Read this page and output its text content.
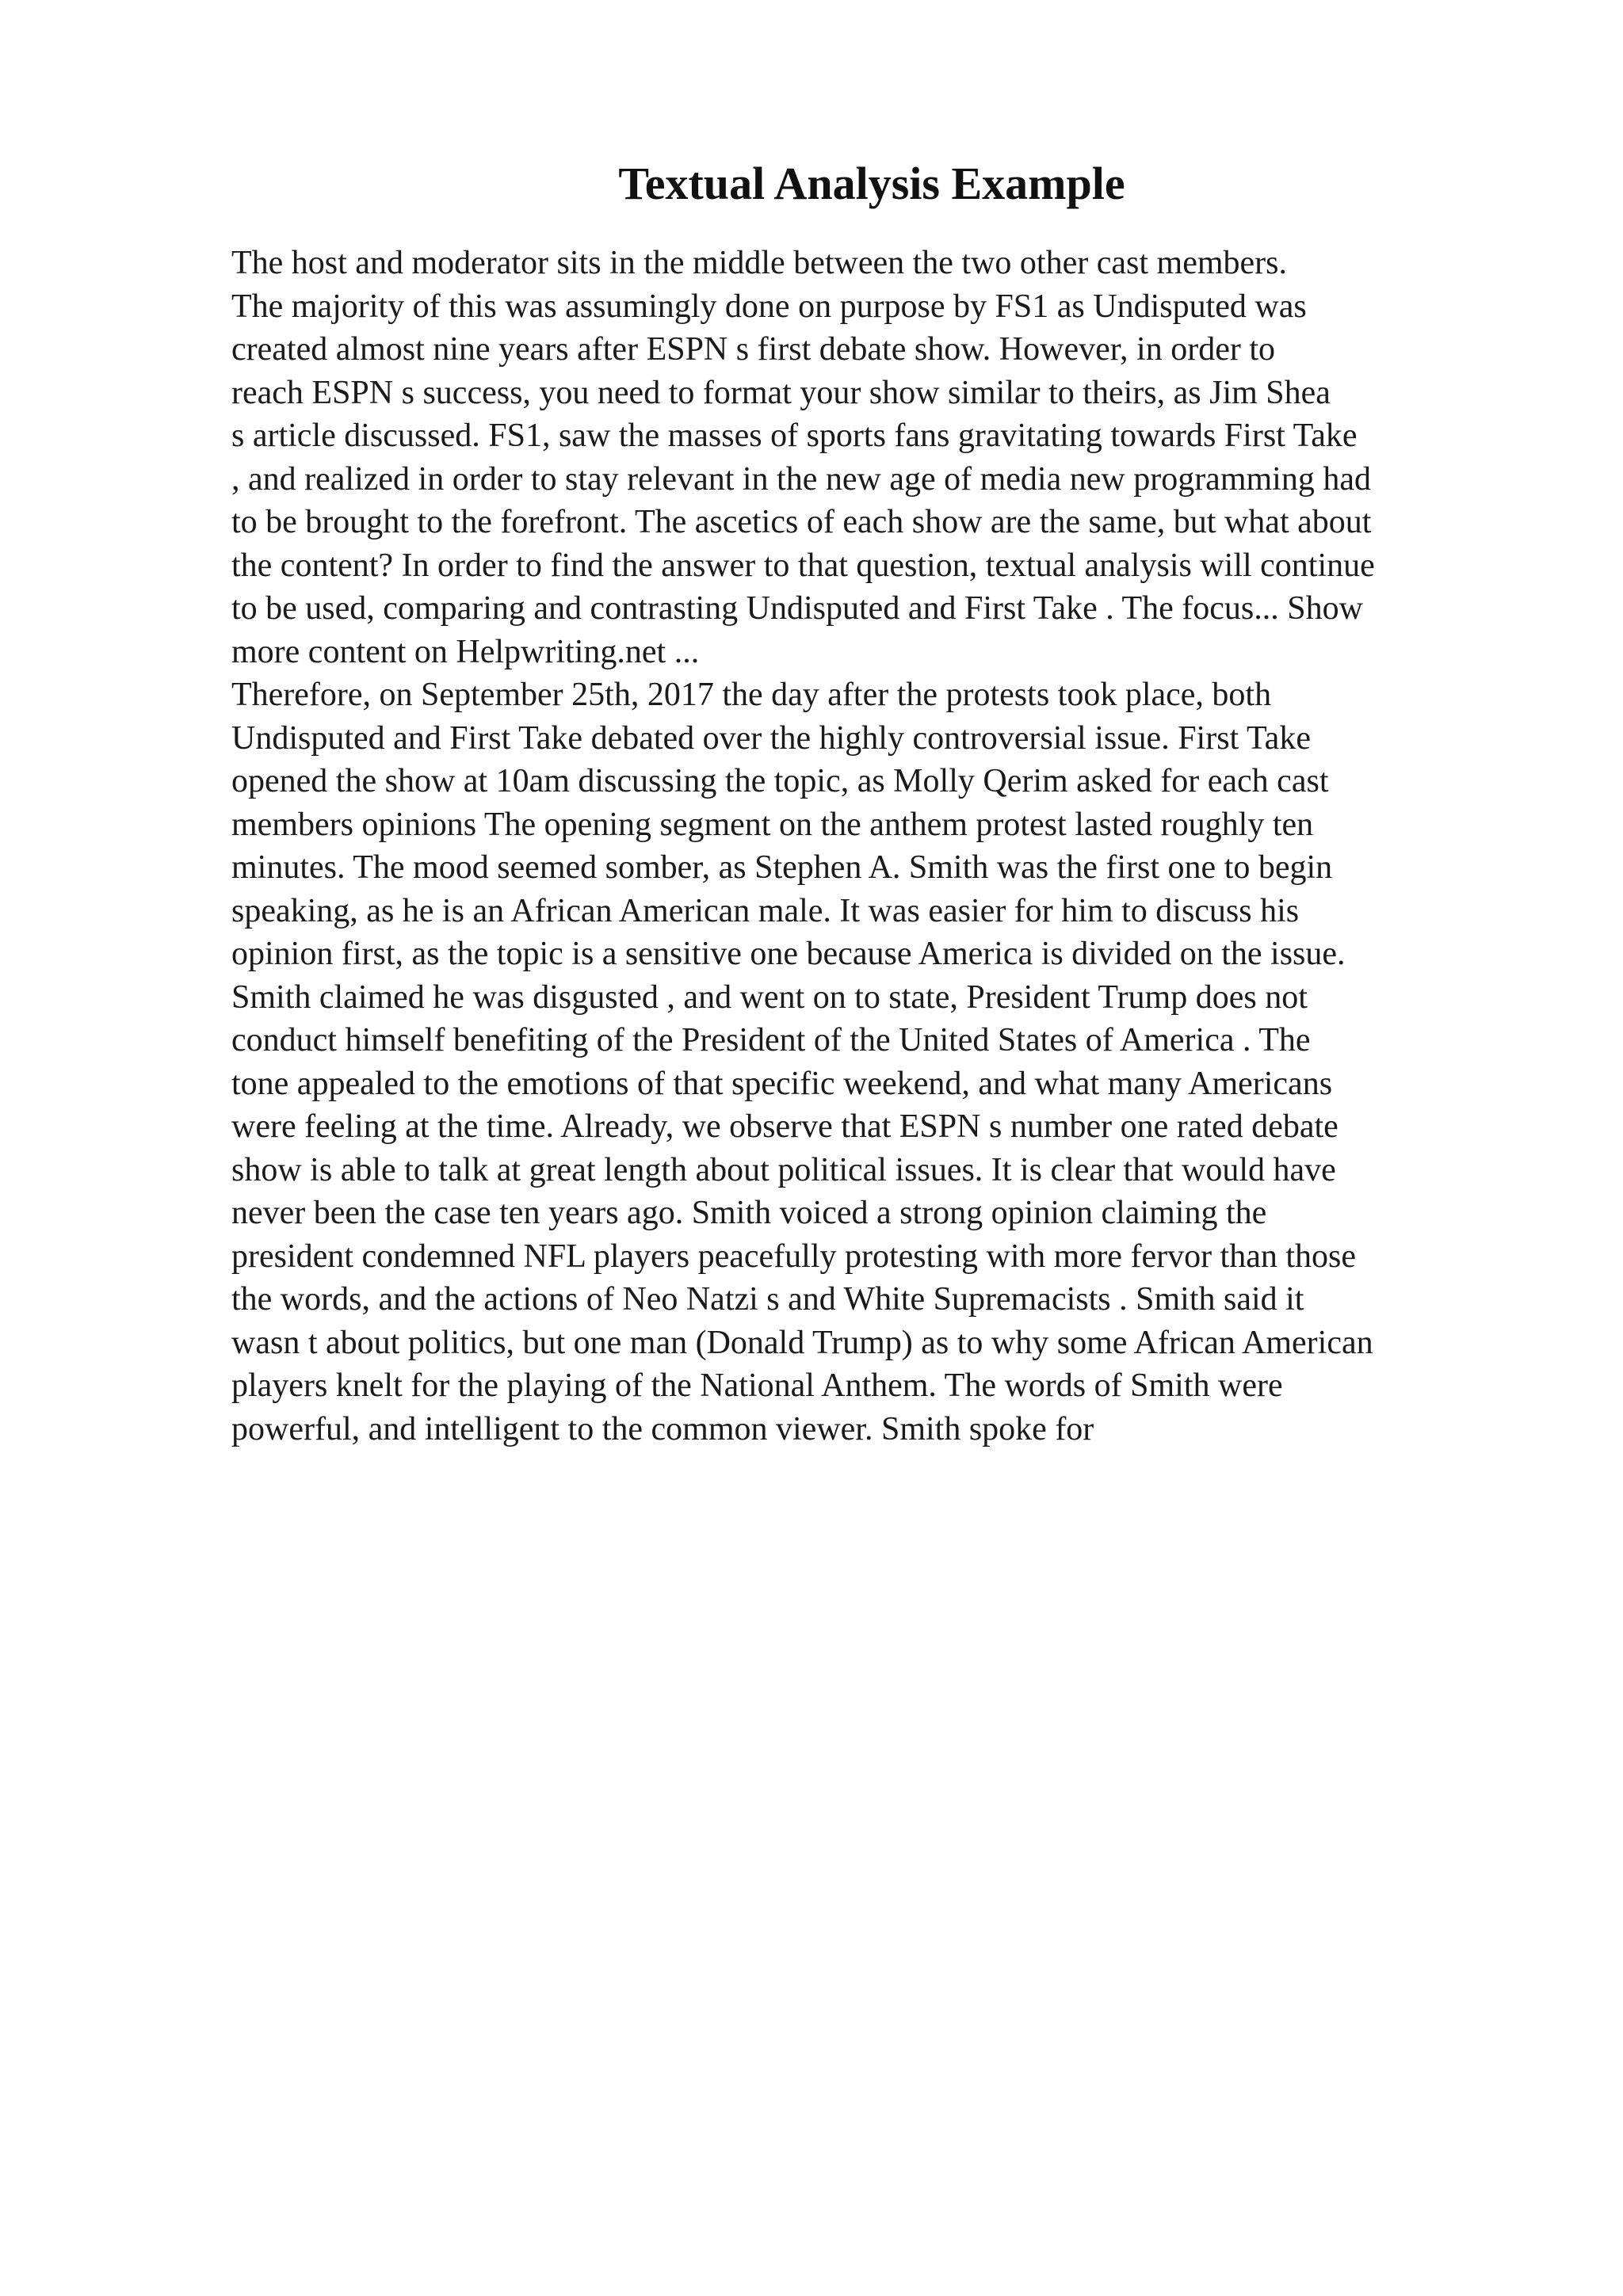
Textual Analysis Example

The host and moderator sits in the middle between the two other cast members.

The majority of this was assumingly done on purpose by FS1 as Undisputed was

created almost nine years after ESPN s first debate show. However, in order to

reach ESPN s success, you need to format your show similar to theirs, as Jim Shea

s article discussed. FS1, saw the masses of sports fans gravitating towards First Take

, and realized in order to stay relevant in the new age of media new programming had

to be brought to the forefront. The ascetics of each show are the same, but what about

the content? In order to find the answer to that question, textual analysis will continue

to be used, comparing and contrasting Undisputed and First Take . The focus... Show

more content on Helpwriting.net ...

Therefore, on September 25th, 2017 the day after the protests took place, both

Undisputed and First Take debated over the highly controversial issue. First Take

opened the show at 10am discussing the topic, as Molly Qerim asked for each cast

members opinions The opening segment on the anthem protest lasted roughly ten

minutes. The mood seemed somber, as Stephen A. Smith was the first one to begin

speaking, as he is an African American male. It was easier for him to discuss his

opinion first, as the topic is a sensitive one because America is divided on the issue.

Smith claimed he was disgusted , and went on to state, President Trump does not

conduct himself benefiting of the President of the United States of America . The

tone appealed to the emotions of that specific weekend, and what many Americans

were feeling at the time. Already, we observe that ESPN s number one rated debate

show is able to talk at great length about political issues. It is clear that would have

never been the case ten years ago. Smith voiced a strong opinion claiming the

president condemned NFL players peacefully protesting with more fervor than those

the words, and the actions of Neo Natzi s and White Supremacists . Smith said it

wasn t about politics, but one man (Donald Trump) as to why some African American

players knelt for the playing of the National Anthem. The words of Smith were

powerful, and intelligent to the common viewer. Smith spoke for
